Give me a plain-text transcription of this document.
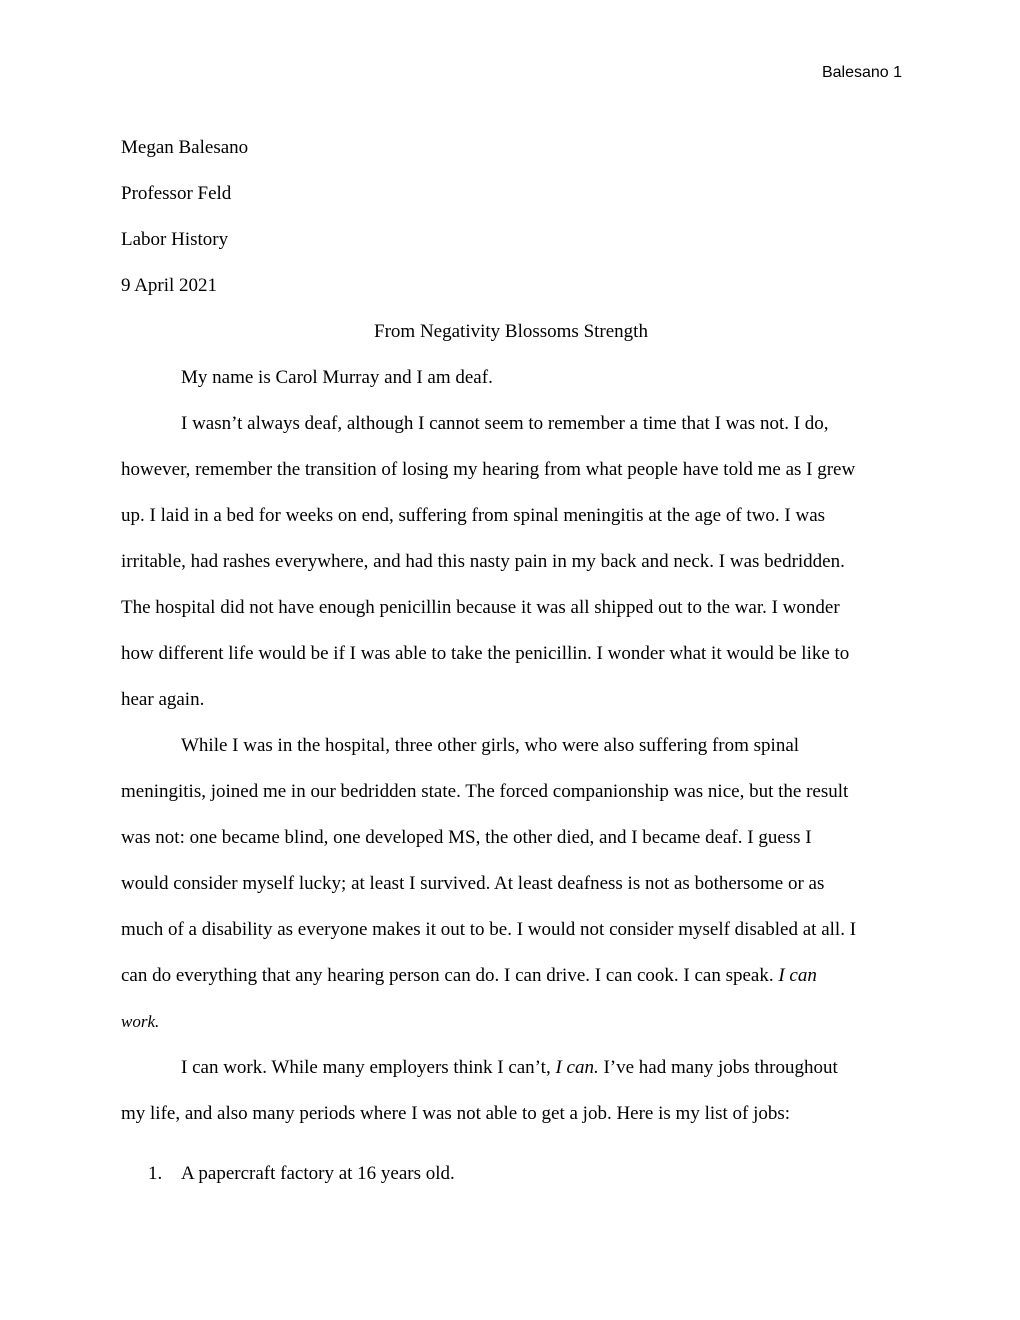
Balesano 1
Megan Balesano
Professor Feld
Labor History
9 April 2021
From Negativity Blossoms Strength
My name is Carol Murray and I am deaf.
I wasn’t always deaf, although I cannot seem to remember a time that I was not. I do,
however, remember the transition of losing my hearing from what people have told me as I grew
up. I laid in a bed for weeks on end, suffering from spinal meningitis at the age of two. I was
irritable, had rashes everywhere, and had this nasty pain in my back and neck. I was bedridden.
The hospital did not have enough penicillin because it was all shipped out to the war. I wonder
how different life would be if I was able to take the penicillin. I wonder what it would be like to
hear again.
While I was in the hospital, three other girls, who were also suffering from spinal
meningitis, joined me in our bedridden state. The forced companionship was nice, but the result
was not: one became blind, one developed MS, the other died, and I became deaf. I guess I
would consider myself lucky; at least I survived. At least deafness is not as bothersome or as
much of a disability as everyone makes it out to be. I would not consider myself disabled at all. I
can do everything that any hearing person can do. I can drive. I can cook. I can speak. I can
work.
I can work. While many employers think I can’t, I can. I’ve had many jobs throughout
my life, and also many periods where I was not able to get a job. Here is my list of jobs:
1. A papercraft factory at 16 years old.
